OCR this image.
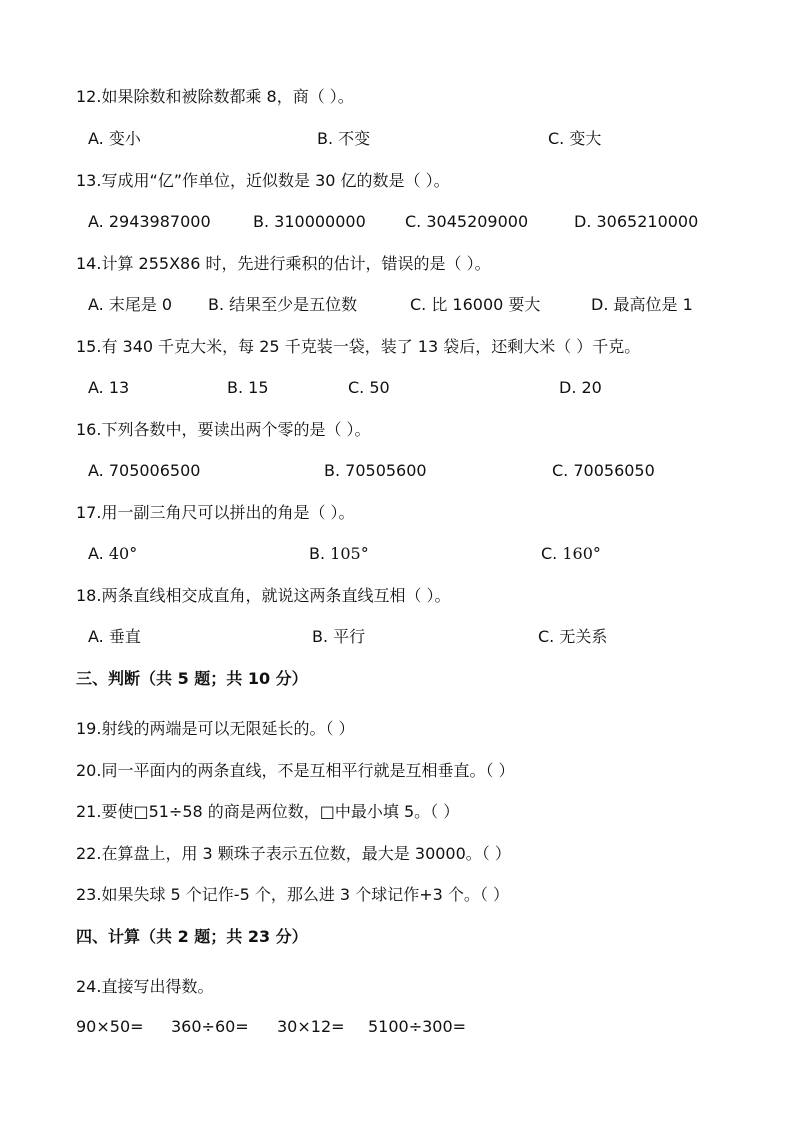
12.如果除数和被除数都乘 8，商（ ）。
A. 变小	B. 不变	C. 变大
13.写成用“亿”作单位，近似数是 30 亿的数是（ ）。
A. 2943987000	B. 310000000 C. 3045209000	D. 3065210000
14.计算 255X86 时，先进行乘积的估计，错误的是（ ）。
A. 末尾是 0 B. 结果至少是五位数	C. 比 16000 要大	D. 最高位是 1
15.有 340 千克大米，每 25 千克装一袋，装了 13 袋后，还剩大米（ ）千克。
A. 13	B. 15	C. 50	D. 20
16.下列各数中，要读出两个零的是（ ）。
A. 705006500	B. 70505600	C. 70056050
17.用一副三角尺可以拼出的角是（ ）。
A. 40°	B. 105°	C. 160°
18.两条直线相交成直角，就说这两条直线互相（ ）。
A. 垂直	B. 平行	C. 无关系
三、判断（共 5 题；共 10 分）
19.射线的两端是可以无限延长的。（ ）
20.同一平面内的两条直线，不是互相平行就是互相垂直。（ ）
21.要使□51÷58 的商是两位数，□中最小填 5。（ ）
22.在算盘上，用 3 颗珠子表示五位数，最大是 30000。（ ）
23.如果失球 5 个记作-5 个，那么进 3 个球记作+3 个。（ ）
四、计算（共 2 题；共 23 分）
24.直接写出得数。
90×50= 360÷60= 30×12= 5100÷300=
